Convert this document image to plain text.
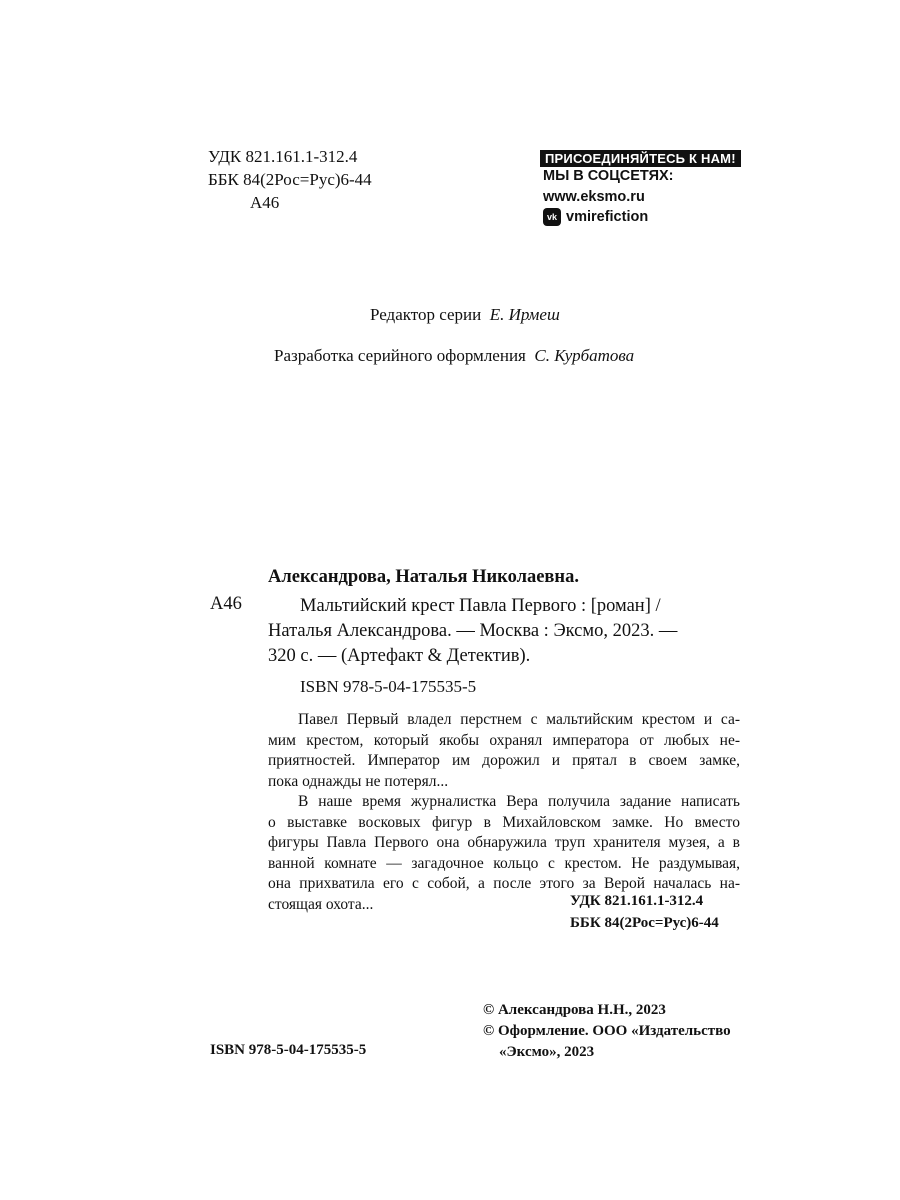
УДК 821.161.1-312.4
ББК 84(2Рос=Рус)6-44
А46
ПРИСОЕДИНЯЙТЕСЬ К НАМ!
МЫ В СОЦСЕТЯХ:
www.eksmo.ru
vk vmirefiction
Редактор серии Е. Ирмеш
Разработка серийного оформления С. Курбатова
Александрова, Наталья Николаевна.
А46	Мальтийский крест Павла Первого : [роман] /
Наталья Александрова. — Москва : Эксмо, 2023. —
320 с. — (Артефакт & Детектив).
ISBN 978-5-04-175535-5
Павел Первый владел перстнем с мальтийским крестом и са-
мим крестом, который якобы охранял императора от любых не-
приятностей. Император им дорожил и прятал в своем замке,
пока однажды не потерял...
В наше время журналистка Вера получила задание написать
о выставке восковых фигур в Михайловском замке. Но вместо
фигуры Павла Первого она обнаружила труп хранителя музея, а в
ванной комнате — загадочное кольцо с крестом. Не раздумывая,
она прихватила его с собой, а после этого за Верой началась на-
стоящая охота...	УДК 821.161.1-312.4
ББК 84(2Рос=Рус)6-44
© Александрова Н.Н., 2023
© Оформление. ООО «Издательство
«Эксмо», 2023
ISBN 978-5-04-175535-5
